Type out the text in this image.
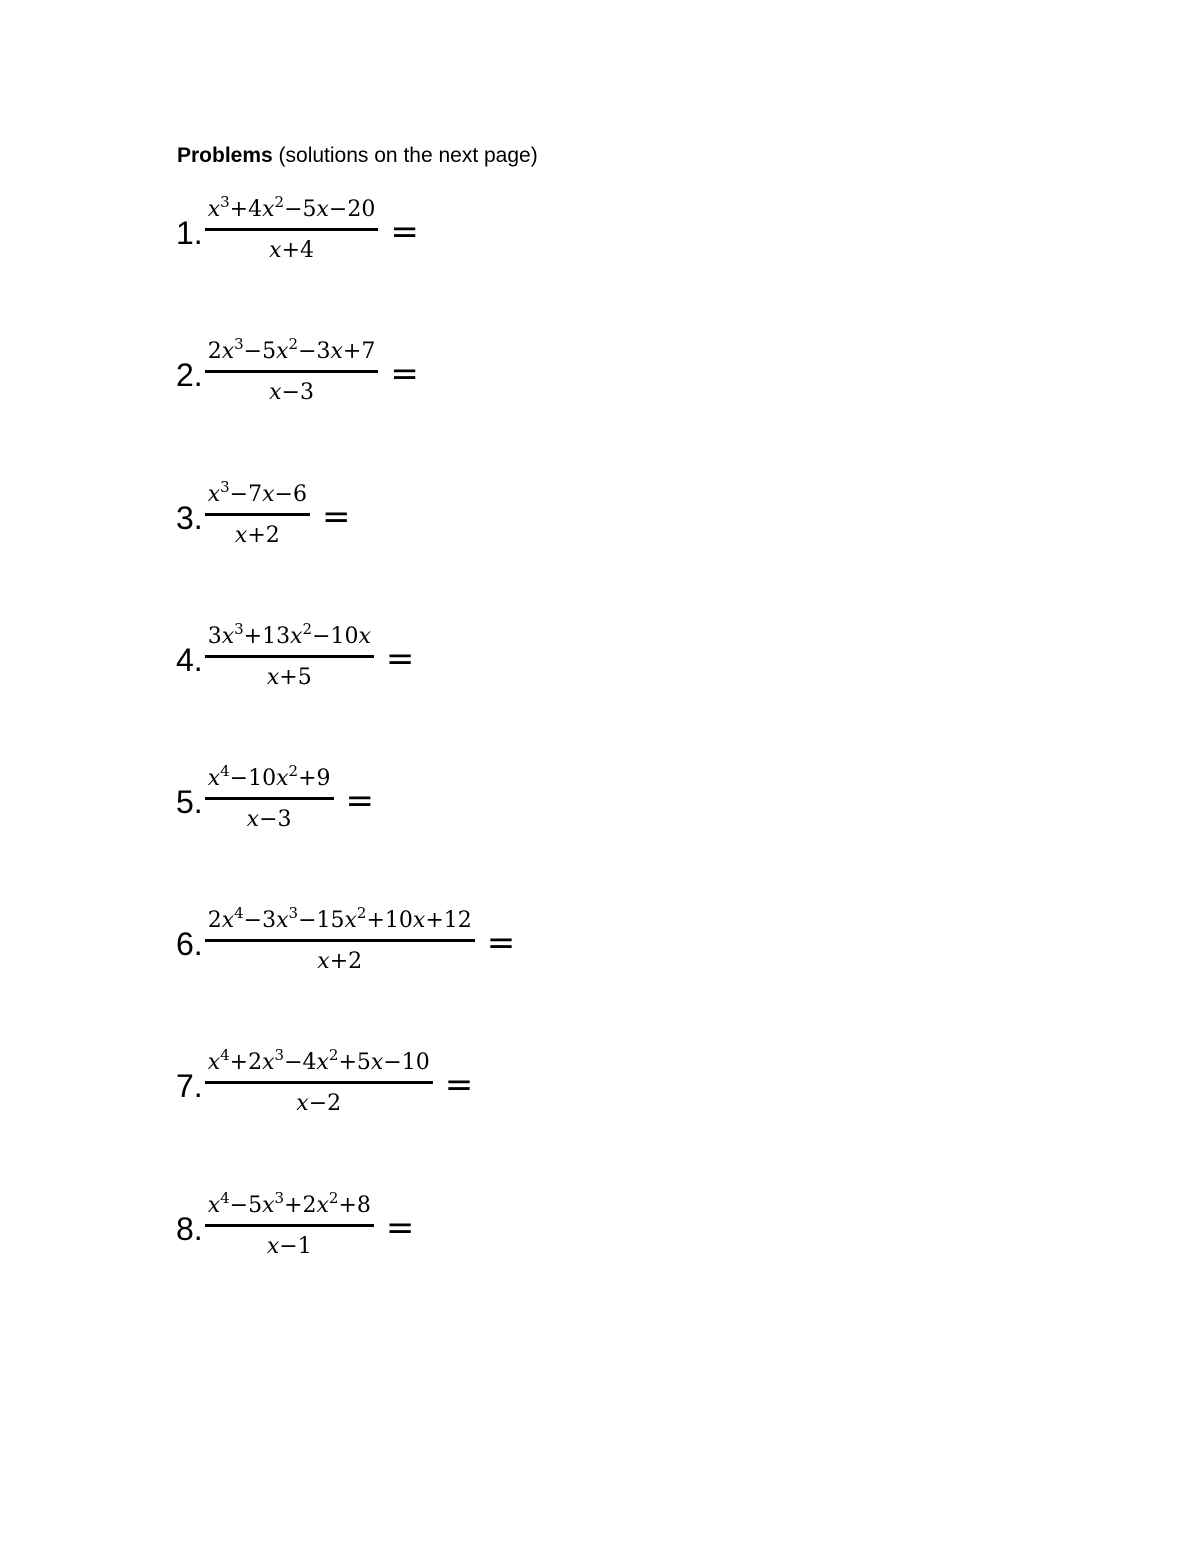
Problems (solutions on the next page)
1. $\frac{x^3+4x^2-5x-20}{x+4}$ =
2. $\frac{2x^3-5x^2-3x+7}{x-3}$ =
3. $\frac{x^3-7x-6}{x+2}$ =
4. $\frac{3x^3+13x^2-10x}{x+5}$ =
5. $\frac{x^4-10x^2+9}{x-3}$ =
6. $\frac{2x^4-3x^3-15x^2+10x+12}{x+2}$ =
7. $\frac{x^4+2x^3-4x^2+5x-10}{x-2}$ =
8. $\frac{x^4-5x^3+2x^2+8}{x-1}$ =
